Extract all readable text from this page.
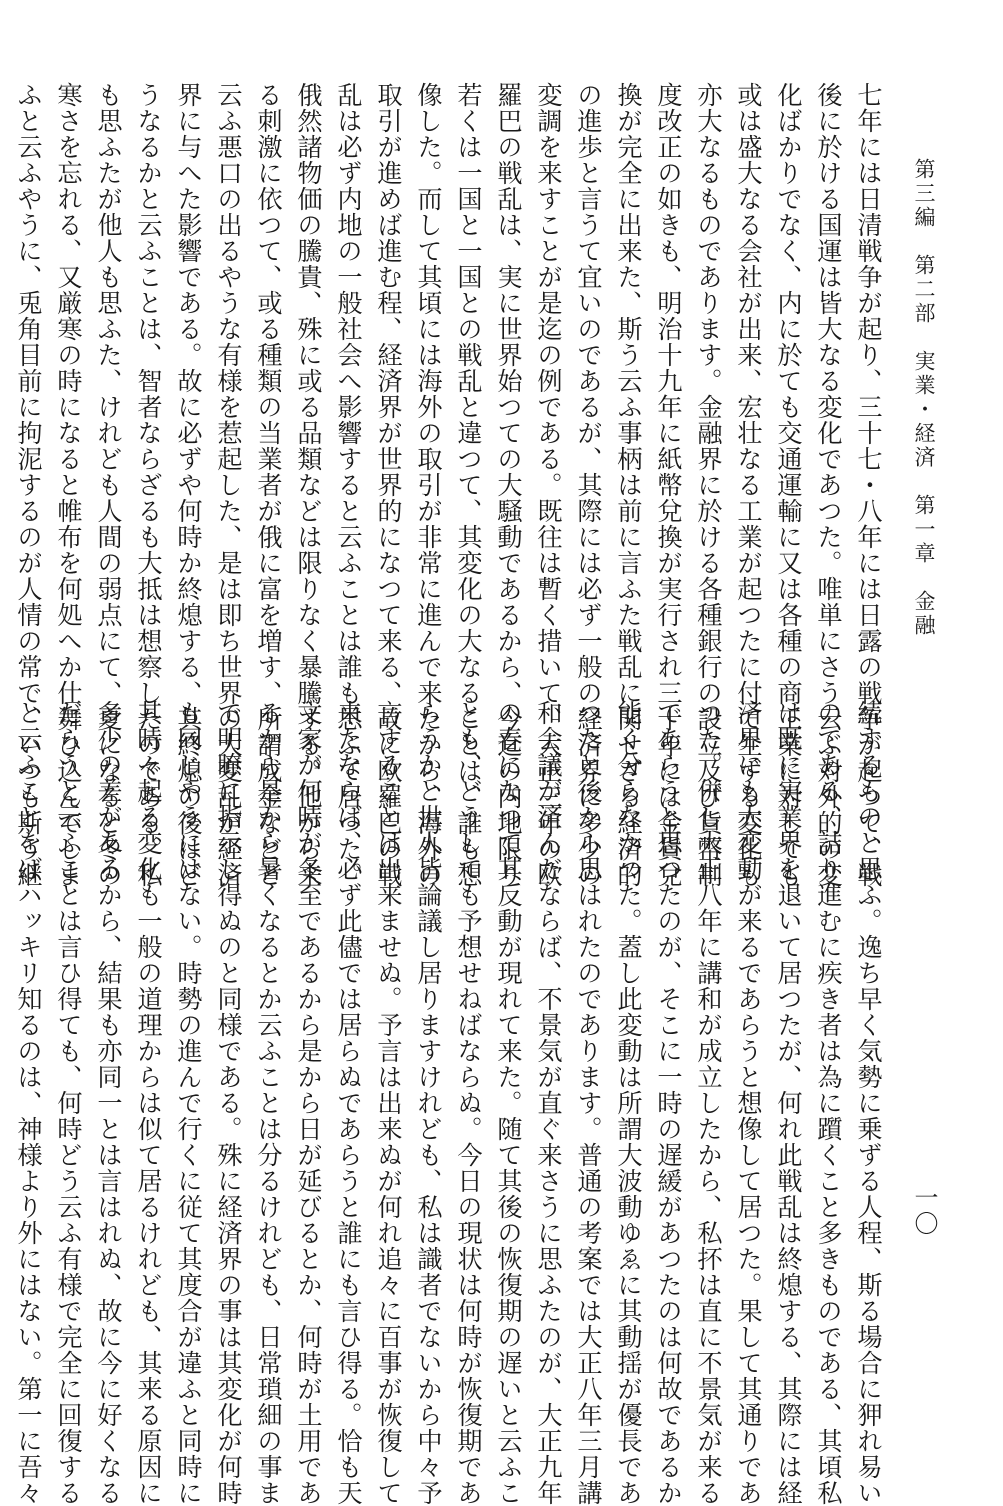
第三編　第二部　実業・経済　第一章　金融
一〇
七年には日清戦争が起り、三十七・八年には日露の戦争が起つて、戦
後に於ける国運は皆大なる変化であつた。唯単にさう云ふ対外的の変
化ばかりでなく、内に於ても交通運輸に又は各種の商工業に対しても
或は盛大なる会社が出来、宏壮なる工業が起つたに付て生ずる変化も
亦大なるものであります。金融界に於ける各種銀行の設立及び貨幣制
度改正の如きも、明治十九年に紙幣兌換が実行され三十年には金貨兌
換が完全に出来た、斯う云ふ事柄は前に言ふた戦乱に関せざる経済的
の進歩と言うて宜いのであるが、其際には必ず一般の経済界に多少の
変調を来すことが是迄の例である。既往は暫く措いて、大正三年の欧
羅巴の戦乱は、実に世界始つての大騒動であるから、今迄の内地限り
若くは一国と一国との戦乱と違つて、其変化の大なることは、誰も想
像した。而して其頃には海外の取引が非常に進んで来たから、海外の
取引が進めば進む程、経済界が世界的になつて来る、故に欧羅巴の戦
乱は必ず内地の一般社会へ影響すると云ふことは誰も思ふて居つた。
俄然諸物価の騰貴、殊に或る品類などは限りなく暴騰する。他から来
る刺激に依つて、或る種類の当業者が俄に富を増す、所謂成金などと
云ふ悪口の出るやうな有様を惹起した、是は即ち世界の大変乱が経済
界に与へた影響である。故に必ずや何時か終熄する、其終熄の後はど
うなるかと云ふことは、智者ならざるも大抵は想察したのである。私
も思ふたが他人も思ふた、けれども人間の弱点にて、夏になると冬の
寒さを忘れる、又厳寒の時になると帷布を何処へか仕舞ひ込んでしま
ふと云ふやうに、兎角目前に拘泥するのが人情の常で、いつも斯う継
続するものと思ふ。逸ち早く気勢に乗ずる人程、斯る場合に狎れ易い
のである、詰り進むに疾き者は為に躓くこと多きものである、其頃私
は既に実業界を退いて居つたが、何れ此戦乱は終熄する、其際には経
済界にも大変動が来るであらうと想像して居つた。果して其通りであ
つた。併し大正八年に講和が成立したから、私抔は直に不景気が来る
であらうと思つたのが、そこに一時の遅緩があつたのは何故であるか
能く分らなかつた。蓋し此変動は所謂大波動ゆゑに其動揺が優長であ
つたと後から思はれたのであります。普通の考案では大正八年三月講
和会議が済んだならば、不景気が直ぐ来さうに思ふたのが、大正九年
の春になつて其反動が現れて来た。随て其後の恢復期の遅いと云ふこ
とも、どうしても予想せねばならぬ。今日の現状は何時が恢復期であ
らうかと世人皆論議し居りますけれども、私は識者でないから中々予
言することは出来ませぬ。予言は出来ぬが何れ追々に百事が恢復して
来たならば、必ず此儘では居らぬであらうと誰にも言ひ得る。恰も天
文家が何時が冬至であるから是から日が延びるとか、何時が土用であ
るから是から暑くなるとか云ふことは分るけれども、日常瑣細の事ま
で明瞭に指示し得ぬのと同様である。殊に経済界の事は其変化が何時
も同じやうにはない。時勢の進んで行くに従て其度合が違ふと同時に
其時々起る変化も一般の道理からは似て居るけれども、其来る原因に
多少の差があるから、結果も亦同一とは言はれぬ、故に今に好くなる
だらうと云ふことは言ひ得ても、何時どう云ふ有様で完全に回復する
と云ふことをばハッキリ知るのは、神様より外にはない。第一に吾々
